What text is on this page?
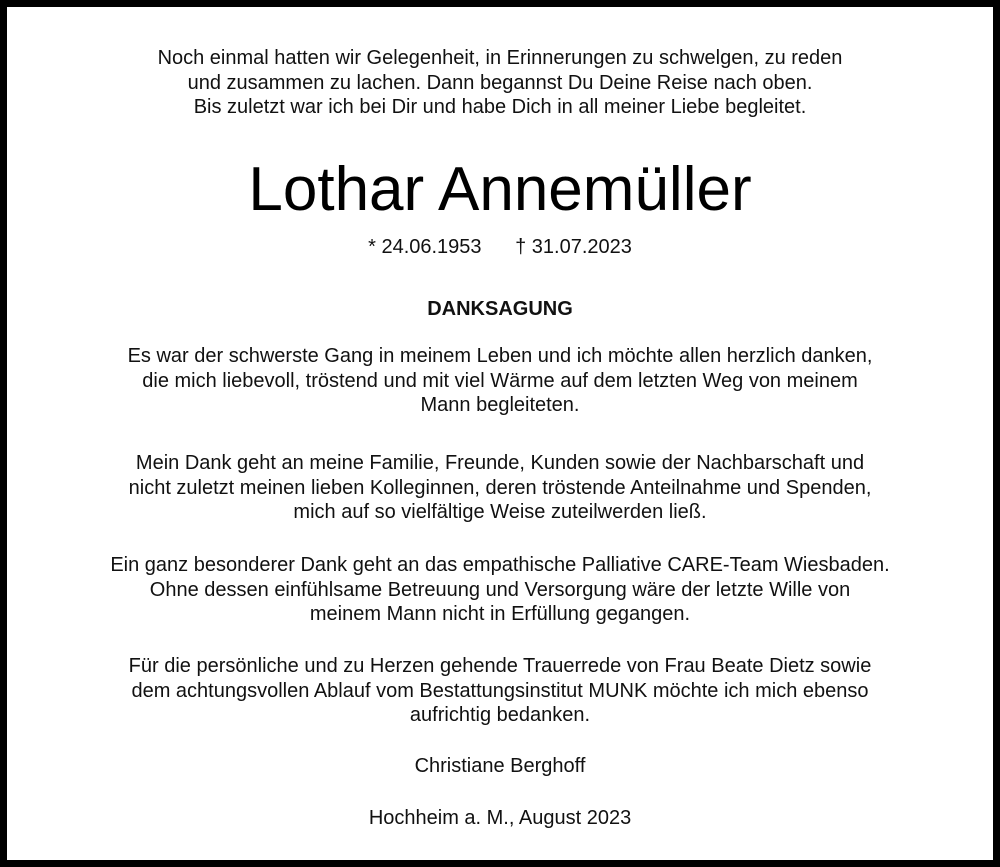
Noch einmal hatten wir Gelegenheit, in Erinnerungen zu schwelgen, zu reden
und zusammen zu lachen. Dann begannst Du Deine Reise nach oben.
Bis zuletzt war ich bei Dir und habe Dich in all meiner Liebe begleitet.
Lothar Annemüller
* 24.06.1953 † 31.07.2023
DANKSAGUNG
Es war der schwerste Gang in meinem Leben und ich möchte allen herzlich danken,
die mich liebevoll, tröstend und mit viel Wärme auf dem letzten Weg von meinem
Mann begleiteten.
Mein Dank geht an meine Familie, Freunde, Kunden sowie der Nachbarschaft und
nicht zuletzt meinen lieben Kolleginnen, deren tröstende Anteilnahme und Spenden,
mich auf so vielfältige Weise zuteilwerden ließ.
Ein ganz besonderer Dank geht an das empathische Palliative CARE-Team Wiesbaden.
Ohne dessen einfühlsame Betreuung und Versorgung wäre der letzte Wille von
meinem Mann nicht in Erfüllung gegangen.
Für die persönliche und zu Herzen gehende Trauerrede von Frau Beate Dietz sowie
dem achtungsvollen Ablauf vom Bestattungsinstitut MUNK möchte ich mich ebenso
aufrichtig bedanken.
Christiane Berghoff
Hochheim a. M., August 2023
